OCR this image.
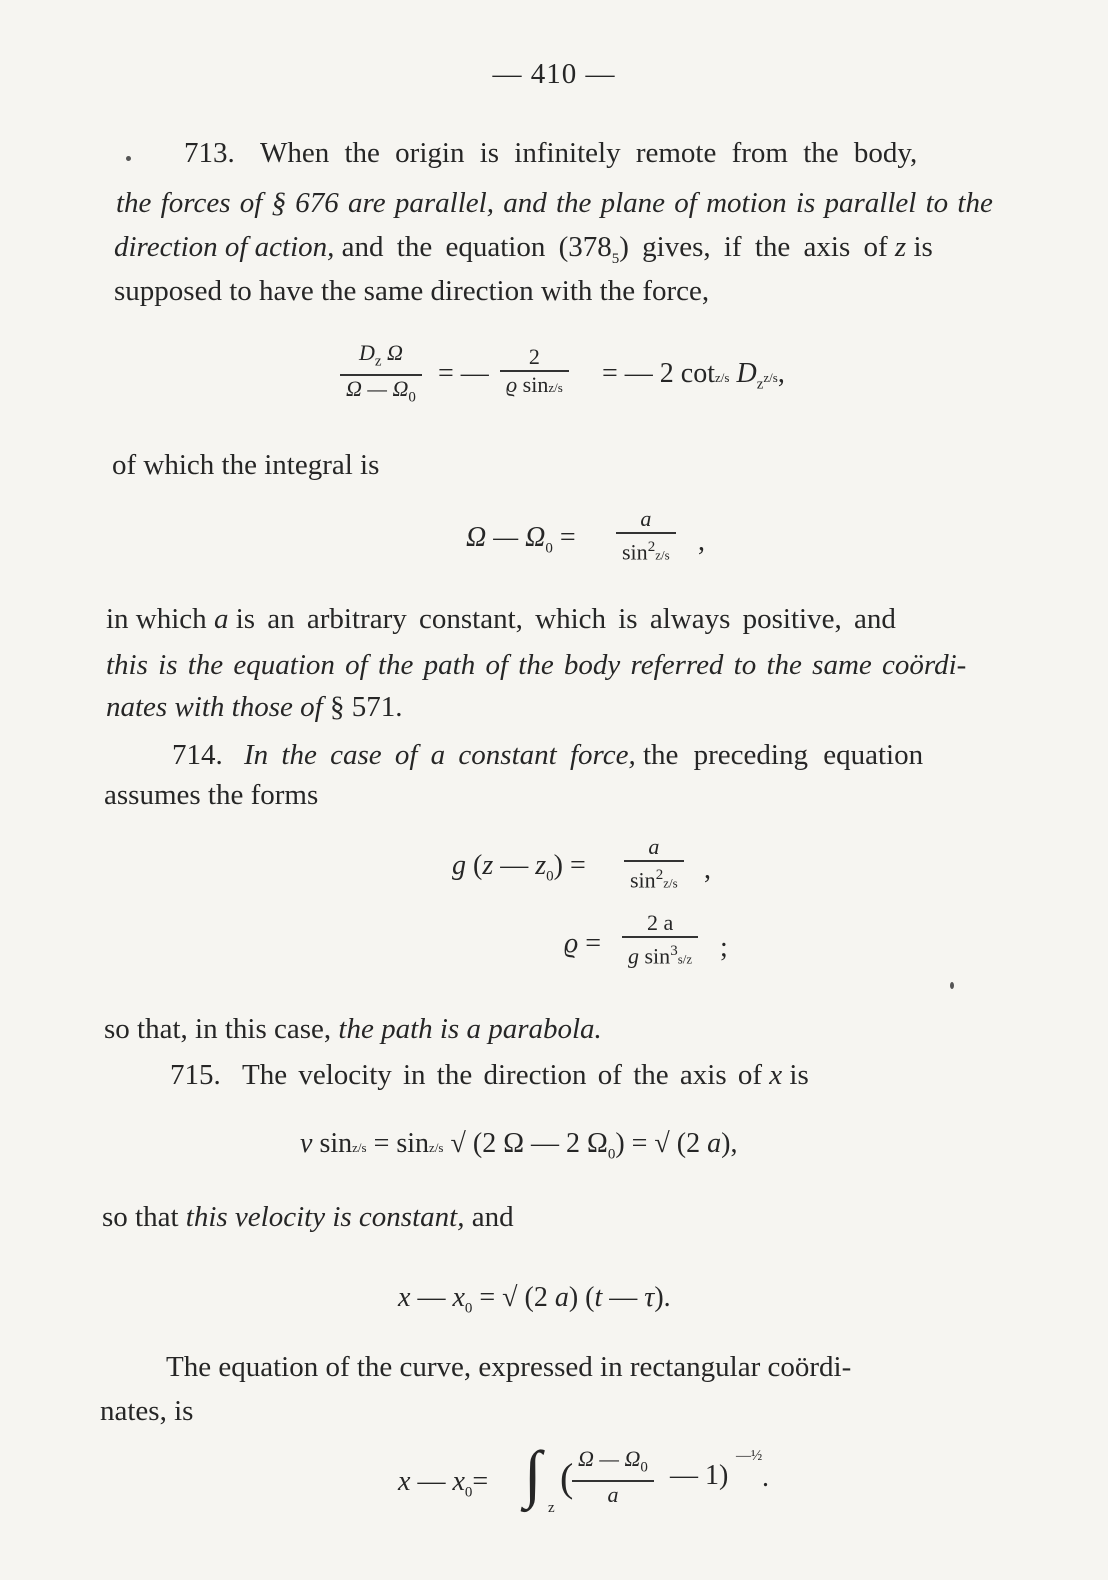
— 410 —
713. When the origin is infinitely remote from the body,
the forces of § 676 are parallel, and the plane of motion is parallel to the
direction of action, and the equation $(378_5)$ gives, if the axis of z is
supposed to have the same direction with the force,
$\frac{D_z \Omega}{\Omega — \Omega_0}$ = — $\frac{2}{\text{ϱ sinz/s}}$ = — 2 cotz/s $D_zz/s$,
of which the integral is
Ω — $\Omega_0 = \frac{a}{\sin^2z/s}$ ,
in which a is an arbitrary constant, which is always positive, and
this is the equation of the path of the body referred to the same coördi-
nates with those of § 571.
714. In the case of a constant force, the preceding equation
assumes the forms
g (z — $z_0) = \frac{a}{\sin^2z/s}$ ,
$ϱ = \frac{2 a}{g \sin^3s/z}$ ;
so that, in this case, the path is a parabola.
715. The velocity in the direction of the axis of x is
v sinz/s = sinz/s √ (2 Ω — 2 $\Omega_0$) = √ (2 a),
so that this velocity is constant, and
x — $x_0$ = √ (2 a) (t — τ).
The equation of the curve, expressed in rectangular coördi-
nates, is
x — $x_0=$ ∫ z
(
$\frac{\Omega — \Omega_0}{a}$ — 1)
—½
.
